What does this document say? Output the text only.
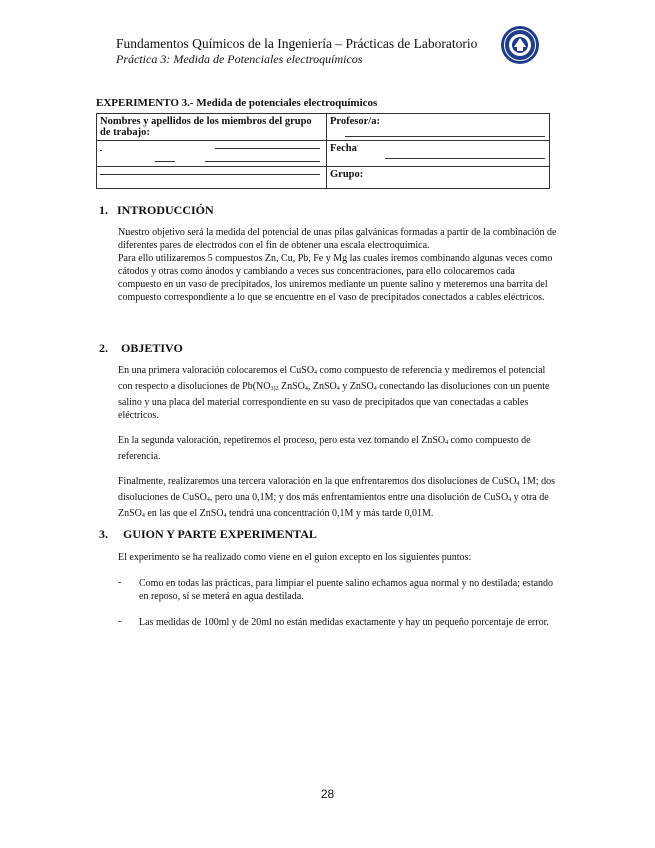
Fundamentos Químicos de la Ingeniería – Prácticas de Laboratorio
Práctica 3: Medida de Potenciales electroquímicos
EXPERIMENTO 3.- Medida de potenciales electroquímicos
Nombres y apellidos de los miembros del grupo de trabajo:	Profesor/a:
	Fecha.
	Grupo:
1. INTRODUCCIÓN

Nuestro objetivo será la medida del potencial de unas pilas galvánicas formadas a partir de la combinación de diferentes pares de electrodos con el fin de obtener una escala electroquímica.

Para ello utilizaremos 5 compuestos Zn, Cu, Pb, Fe y Mg las cuales iremos combinando algunas veces como cátodos y otras como ánodos y cambiando a veces sus concentraciones, para ello colocaremos cada compuesto en un vaso de precipitados, los uniremos mediante un puente salino y meteremos una barrita del compuesto correspondiente a lo que se encuentre en el vaso de precipitados conectados a cables eléctricos.

2. OBJETIVO

En una primera valoración colocaremos el CuSO$_4$ como compuesto de referencia y mediremos el potencial con respecto a disoluciones de $Pb(NO_{3)2}$ ZnSO$_4$, ZnSO$_4$ y ZnSO$_4$ conectando las disoluciones con un puente salino y una placa del material correspondiente en su vaso de precipitados que van conectadas a cables eléctricos.

En la segunda valoración, repetiremos el proceso, pero esta vez tomando el ZnSO$_4$ como compuesto de referencia.

Finalmente, realizaremos una tercera valoración en la que enfrentaremos dos disoluciones de CuSO$_4$ 1M; dos disoluciones de CuSO$_4$, pero una 0,1M; y dos más enfrentamientos entre una disolución de CuSO$_4$ y otra de ZnSO$_4$ en las que el ZnSO$_4$ tendrá una concentración 0,1M y más tarde 0,01M.

3. GUION Y PARTE EXPERIMENTAL
El experimento se ha realizado como viene en el guion excepto en los siguientes puntos:
- Como en todas las prácticas, para limpiar el puente salino echamos agua normal y no destilada; estando en reposo, sí se meterá en agua destilada.
- Las medidas de 100ml y de 20ml no están medidas exactamente y hay un pequeño porcentaje de error.
28
